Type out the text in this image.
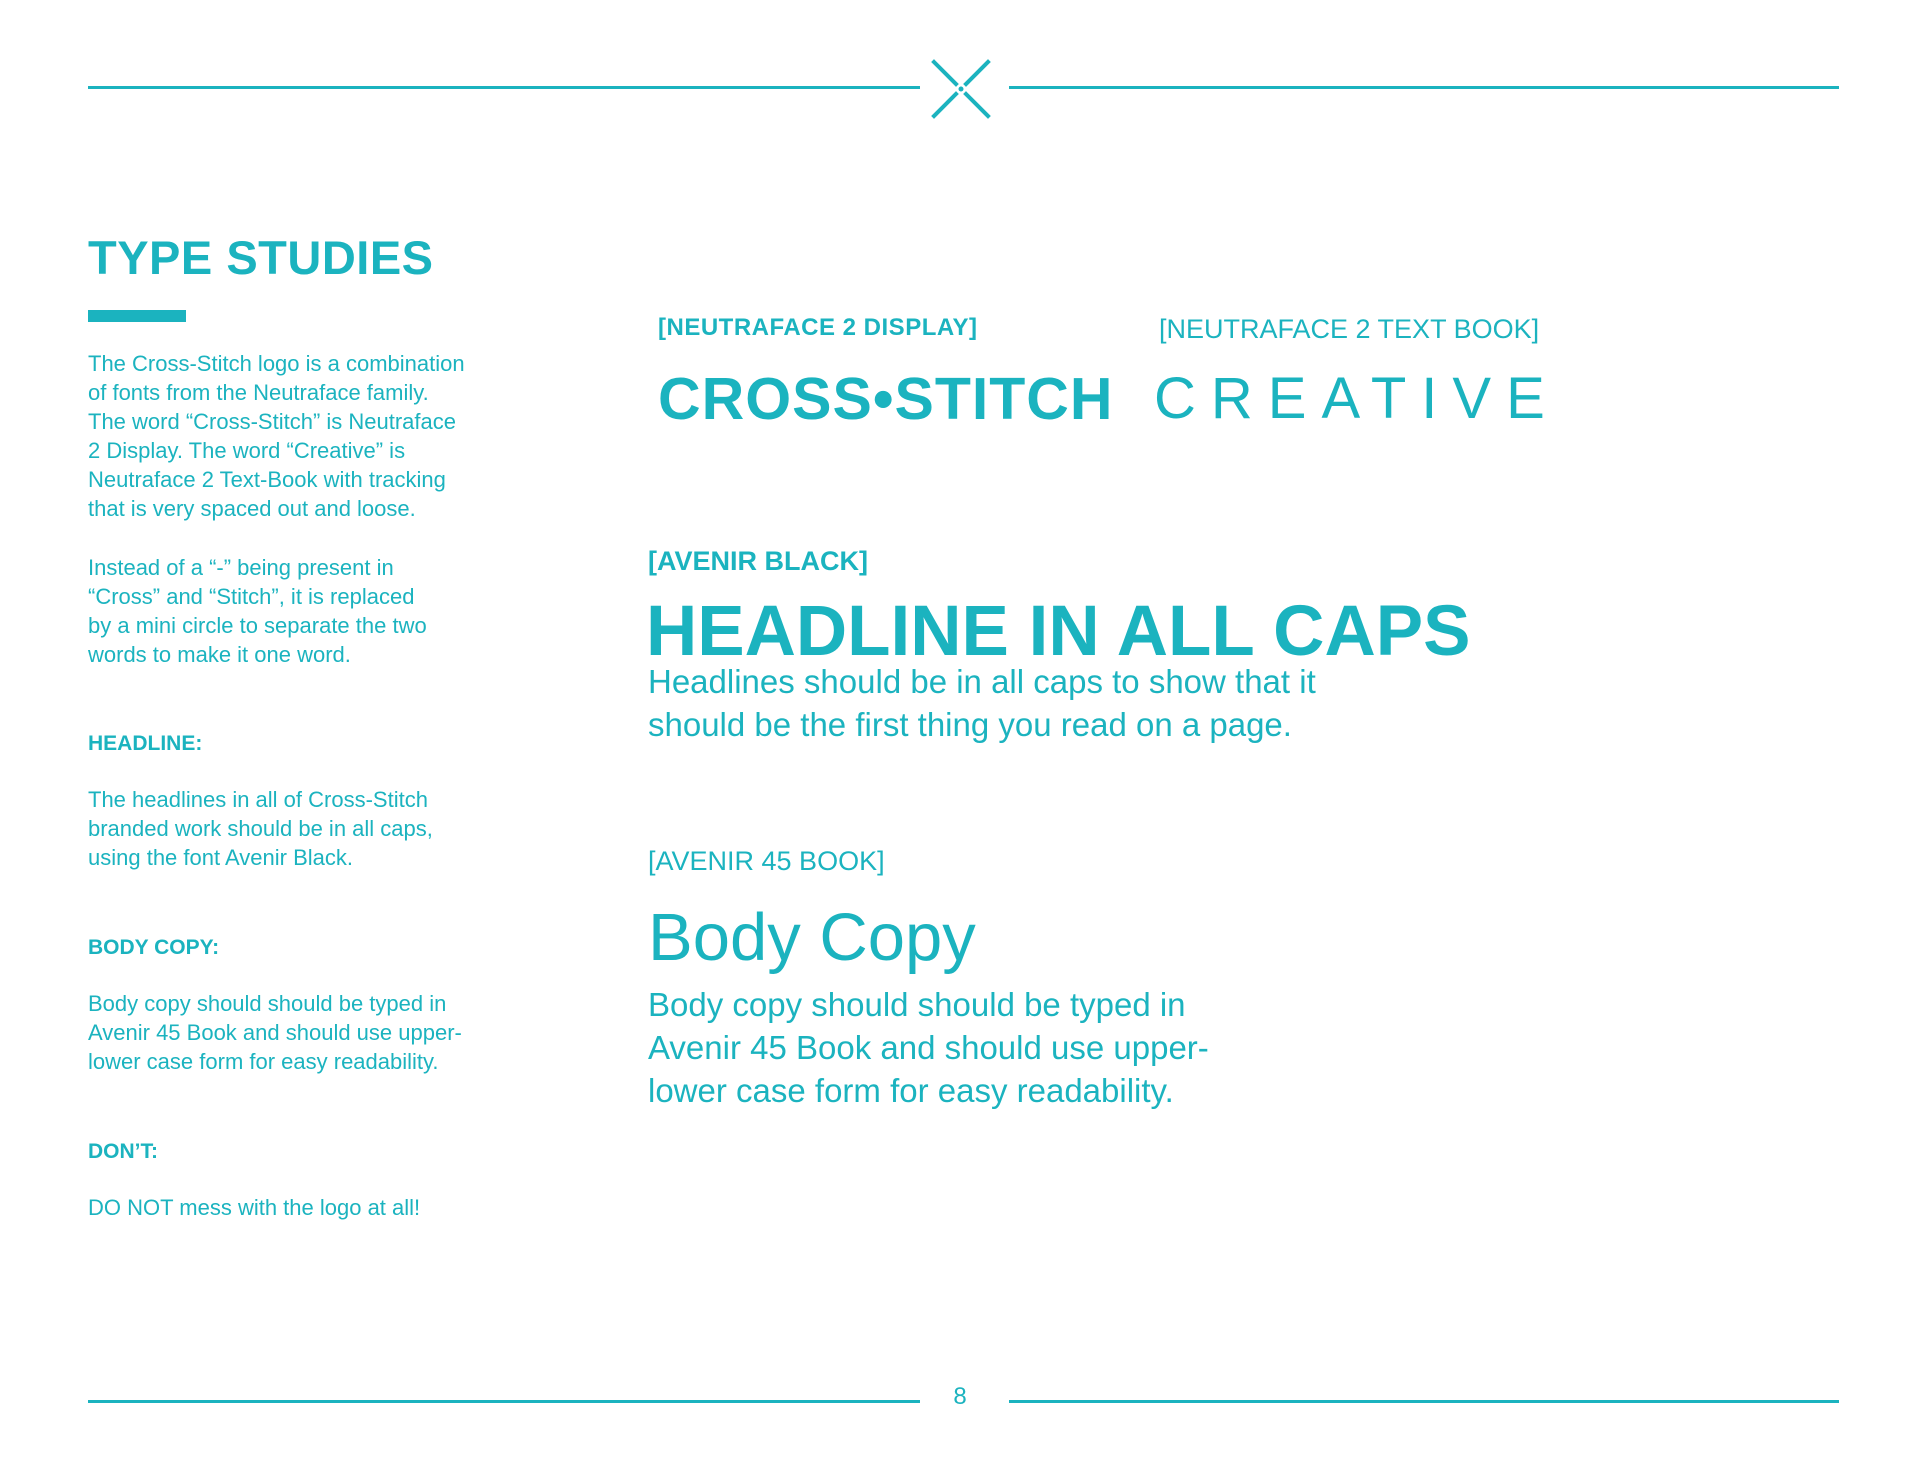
TYPE STUDIES
The Cross-Stitch logo is a combination
of fonts from the Neutraface family.
The word “Cross-Stitch” is Neutraface
2 Display. The word “Creative” is
Neutraface 2 Text-Book with tracking
that is very spaced out and loose.
Instead of a “-” being present in
“Cross” and “Stitch”, it is replaced
by a mini circle to separate the two
words to make it one word.
HEADLINE:
The headlines in all of Cross-Stitch
branded work should be in all caps,
using the font Avenir Black.
BODY COPY:
Body copy should should be typed in
Avenir 45 Book and should use upper-
lower case form for easy readability.
DON’T:
DO NOT mess with the logo at all!
[NEUTRAFACE 2 DISPLAY]	[NEUTRAFACE 2 TEXT BOOK]
CROSS•STITCH CREATIVE
[AVENIR BLACK]
HEADLINE IN ALL CAPS
Headlines should be in all caps to show that it
should be the first thing you read on a page.
[AVENIR 45 BOOK]
Body Copy
Body copy should should be typed in
Avenir 45 Book and should use upper-
lower case form for easy readability.
8
